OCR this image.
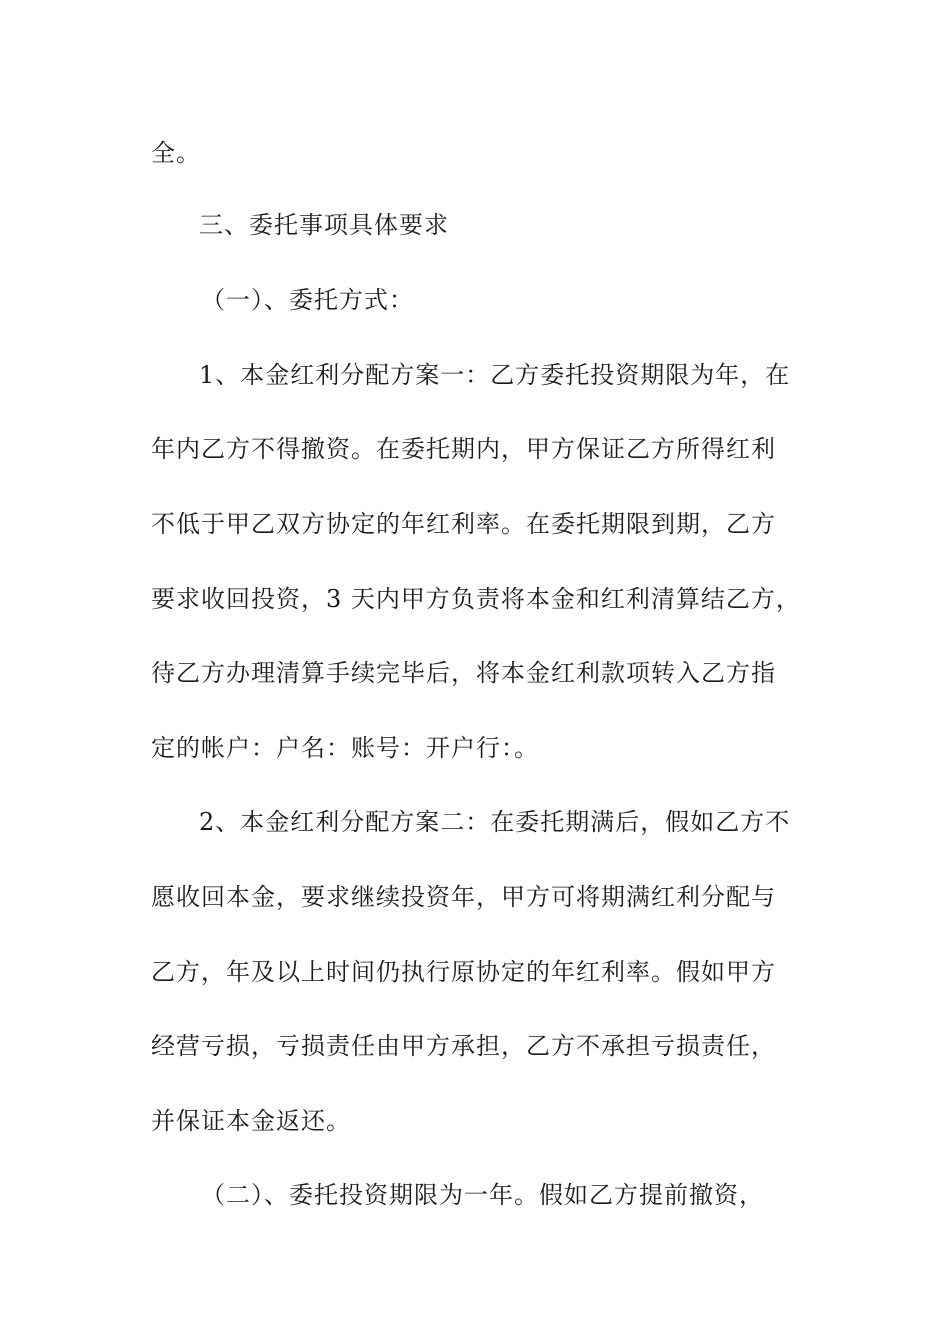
全。
三、委托事项具体要求
（一）、委托方式：
1、本金红利分配方案一：乙方委托投资期限为年，在
年内乙方不得撤资。在委托期内，甲方保证乙方所得红利
不低于甲乙双方协定的年红利率。在委托期限到期，乙方
要求收回投资，3 天内甲方负责将本金和红利清算结乙方，
待乙方办理清算手续完毕后，将本金红利款项转入乙方指
定的帐户：户名：账号：开户行：。
2、本金红利分配方案二：在委托期满后，假如乙方不
愿收回本金，要求继续投资年，甲方可将期满红利分配与
乙方，年及以上时间仍执行原协定的年红利率。假如甲方
经营亏损，亏损责任由甲方承担，乙方不承担亏损责任，
并保证本金返还。
（二）、委托投资期限为一年。假如乙方提前撤资，
